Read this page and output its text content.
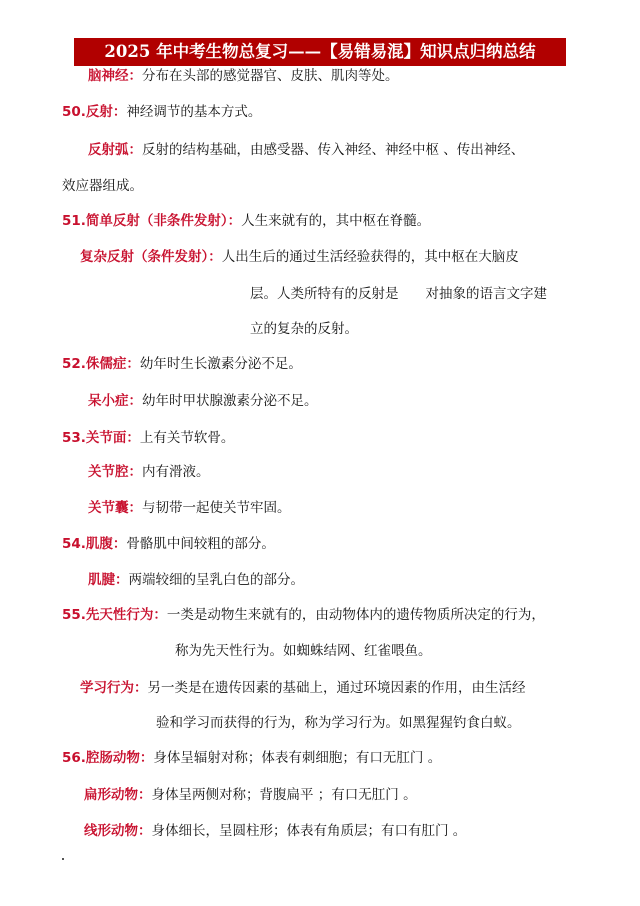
2025 年中考生物总复习——【易错易混】知识点归纳总结
脑神经：分布在头部的感觉器官、皮肤、肌肉等处。
50.反射：神经调节的基本方式。
反射弧：反射的结构基础，由感受器、传入神经、神经中枢 、传出神经、
效应器组成。
51.简单反射（非条件发射）：人生来就有的，其中枢在脊髓。
复杂反射（条件发射）：人出生后的通过生活经验获得的，其中枢在大脑皮
层。人类所特有的反射是　　对抽象的语言文字建
立的复杂的反射。
52.侏儒症：幼年时生长激素分泌不足。
呆小症：幼年时甲状腺激素分泌不足。
53.关节面：上有关节软骨。
关节腔：内有滑液。
关节囊：与韧带一起使关节牢固。
54.肌腹：骨骼肌中间较粗的部分。
肌腱：两端较细的呈乳白色的部分。
55.先天性行为：一类是动物生来就有的，由动物体内的遗传物质所决定的行为，
称为先天性行为。如蜘蛛结网、红雀喂鱼。
学习行为：另一类是在遗传因素的基础上，通过环境因素的作用，由生活经
验和学习而获得的行为，称为学习行为。如黑猩猩钓食白蚁。
56.腔肠动物：身体呈辐射对称；体表有刺细胞；有口无肛门 。
扁形动物：身体呈两侧对称；背腹扁平 ；有口无肛门 。
线形动物：身体细长，呈圆柱形；体表有角质层；有口有肛门 。
